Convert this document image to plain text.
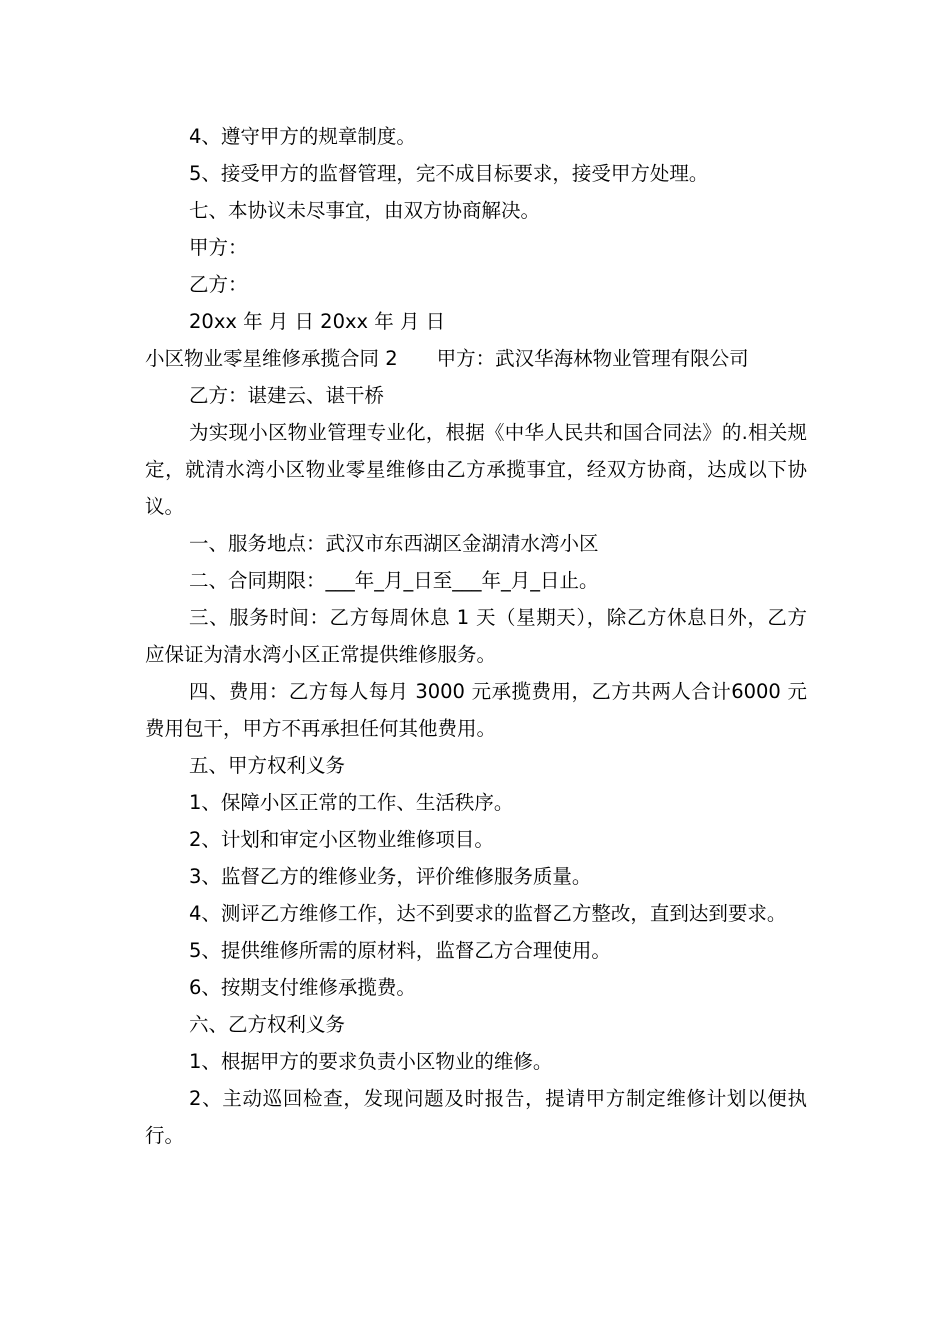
4、遵守甲方的规章制度。

5、接受甲方的监督管理，完不成目标要求，接受甲方处理。

七、本协议未尽事宜，由双方协商解决。

甲方：

乙方：

20xx 年 月 日 20xx 年 月 日

小区物业零星维修承揽合同 2　　甲方：武汉华海林物业管理有限公司

乙方：谌建云、谌干桥

为实现小区物业管理专业化，根据《中华人民共和国合同法》的.相关规定，就清水湾小区物业零星维修由乙方承揽事宜，经双方协商，达成以下协议。

一、服务地点：武汉市东西湖区金湖清水湾小区

二、合同期限：___年_月_日至___年_月_日止。

三、服务时间：乙方每周休息 1 天（星期天），除乙方休息日外，乙方应保证为清水湾小区正常提供维修服务。

四、费用：乙方每人每月 3000 元承揽费用，乙方共两人合计6000 元费用包干，甲方不再承担任何其他费用。

五、甲方权利义务

1、保障小区正常的工作、生活秩序。

2、计划和审定小区物业维修项目。

3、监督乙方的维修业务，评价维修服务质量。

4、测评乙方维修工作，达不到要求的监督乙方整改，直到达到要求。

5、提供维修所需的原材料，监督乙方合理使用。

6、按期支付维修承揽费。

六、乙方权利义务

1、根据甲方的要求负责小区物业的维修。

2、主动巡回检查，发现问题及时报告，提请甲方制定维修计划以便执行。
